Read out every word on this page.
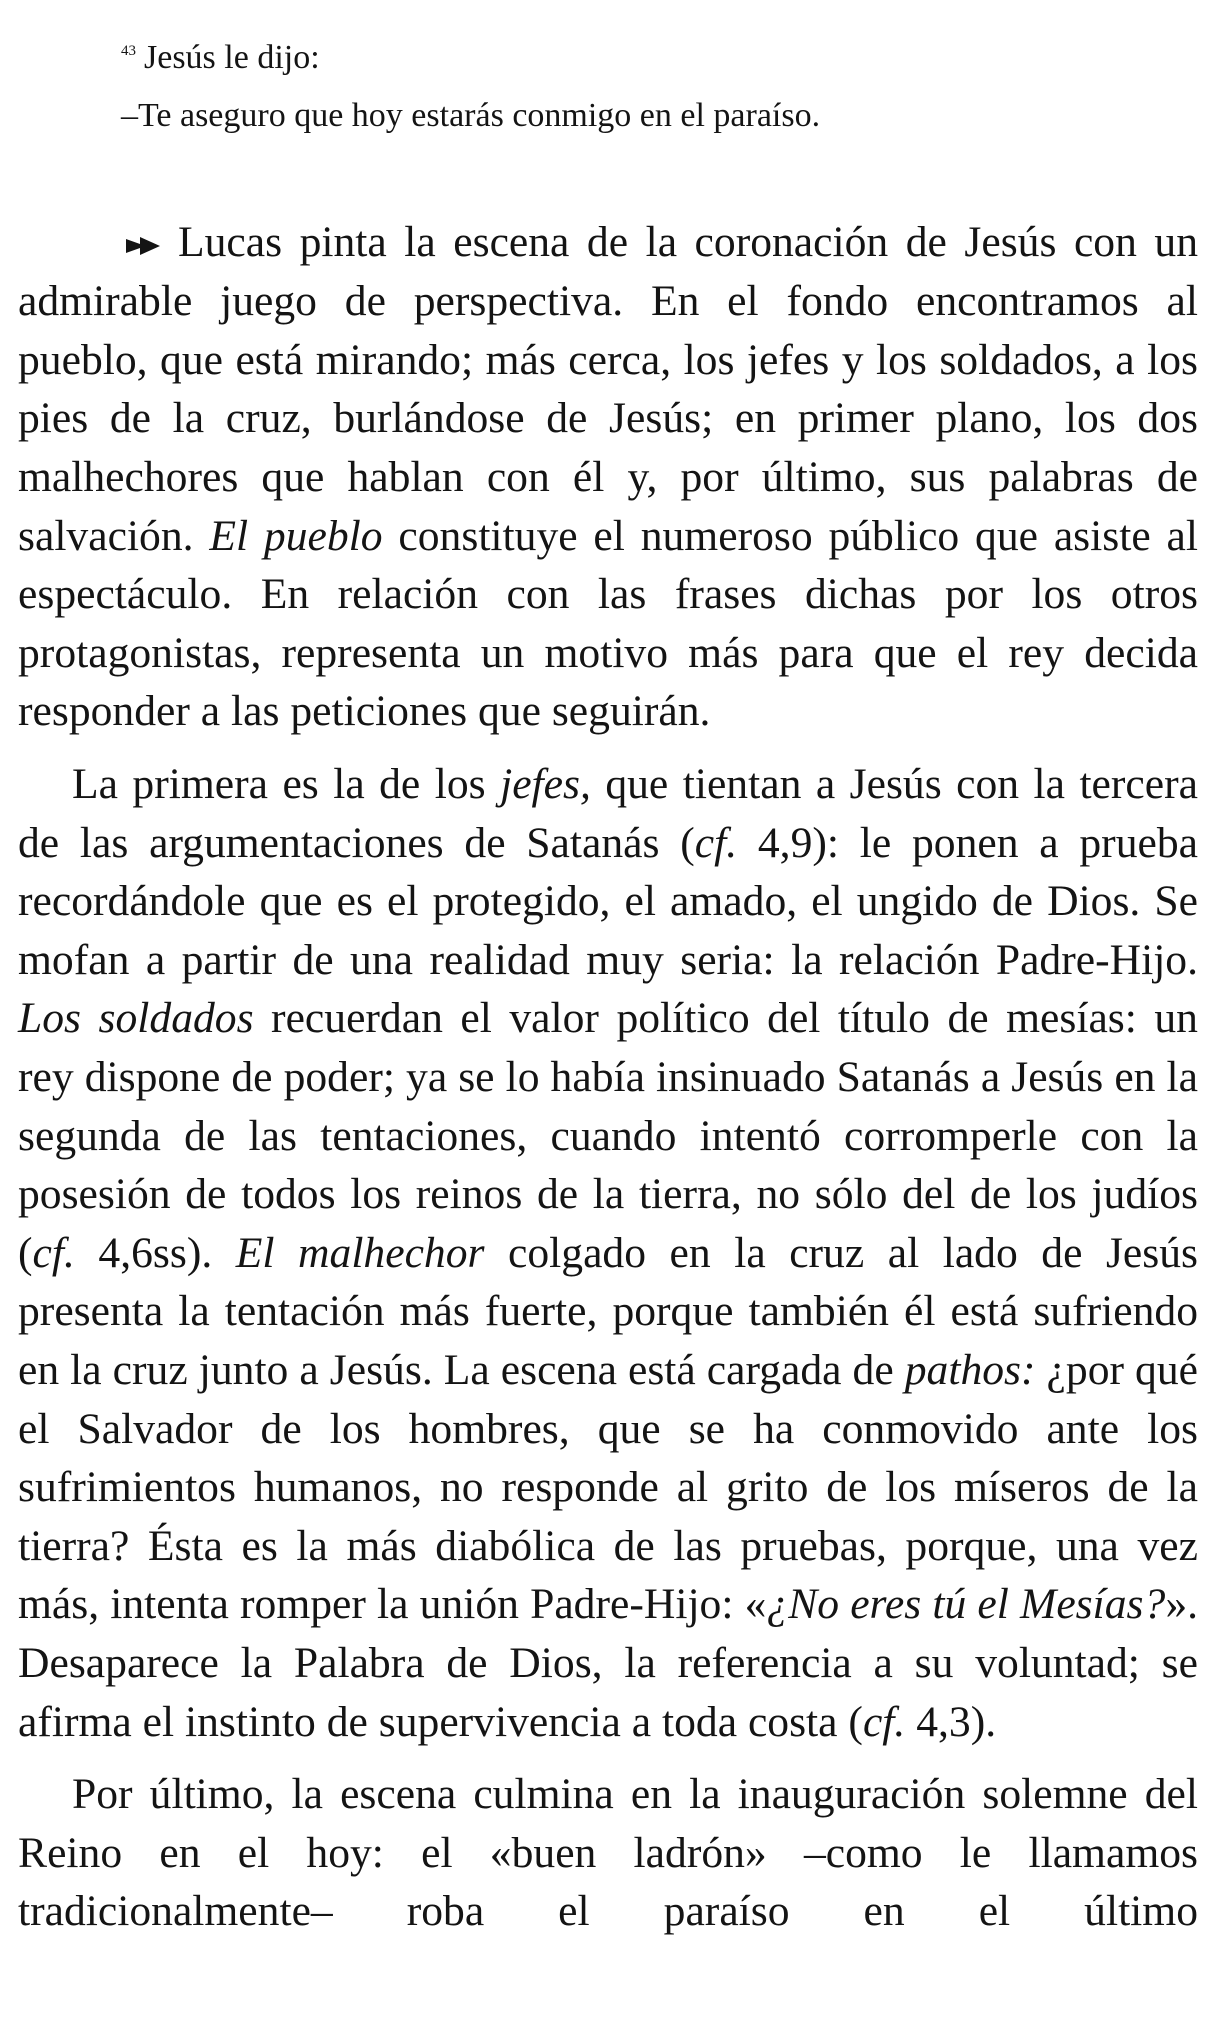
$^{43}$ Jesús le dijo:
–Te aseguro que hoy estarás conmigo en el paraíso.

Lucas pinta la escena de la coronación de Jesús con un admirable juego de perspectiva. En el fondo encontramos al pueblo, que está mirando; más cerca, los jefes y los soldados, a los pies de la cruz, burlándose de Jesús; en primer plano, los dos malhechores que hablan con él y, por último, sus palabras de salvación. El pueblo constituye el numeroso público que asiste al espectáculo. En relación con las frases dichas por los otros protagonistas, representa un motivo más para que el rey decida responder a las peticiones que seguirán.

La primera es la de los jefes, que tientan a Jesús con la tercera de las argumentaciones de Satanás (cf. 4,9): le ponen a prueba recordándole que es el protegido, el amado, el ungido de Dios. Se mofan a partir de una realidad muy seria: la relación Padre-Hijo. Los soldados recuerdan el valor político del título de mesías: un rey dispone de poder; ya se lo había insinuado Satanás a Jesús en la segunda de las tentaciones, cuando intentó corromperle con la posesión de todos los reinos de la tierra, no sólo del de los judíos (cf. 4,6ss). El malhechor colgado en la cruz al lado de Jesús presenta la tentación más fuerte, porque también él está sufriendo en la cruz junto a Jesús. La escena está cargada de pathos: ¿por qué el Salvador de los hombres, que se ha conmovido ante los sufrimientos humanos, no responde al grito de los míseros de la tierra? Ésta es la más diabólica de las pruebas, porque, una vez más, intenta romper la unión Padre-Hijo: «¿No eres tú el Mesías?». Desaparece la Palabra de Dios, la referencia a su voluntad; se afirma el instinto de supervivencia a toda costa (cf. 4,3).

Por último, la escena culmina en la inauguración solemne del Reino en el hoy: el «buen ladrón» –como le llamamos tradicionalmente– roba el paraíso en el último
